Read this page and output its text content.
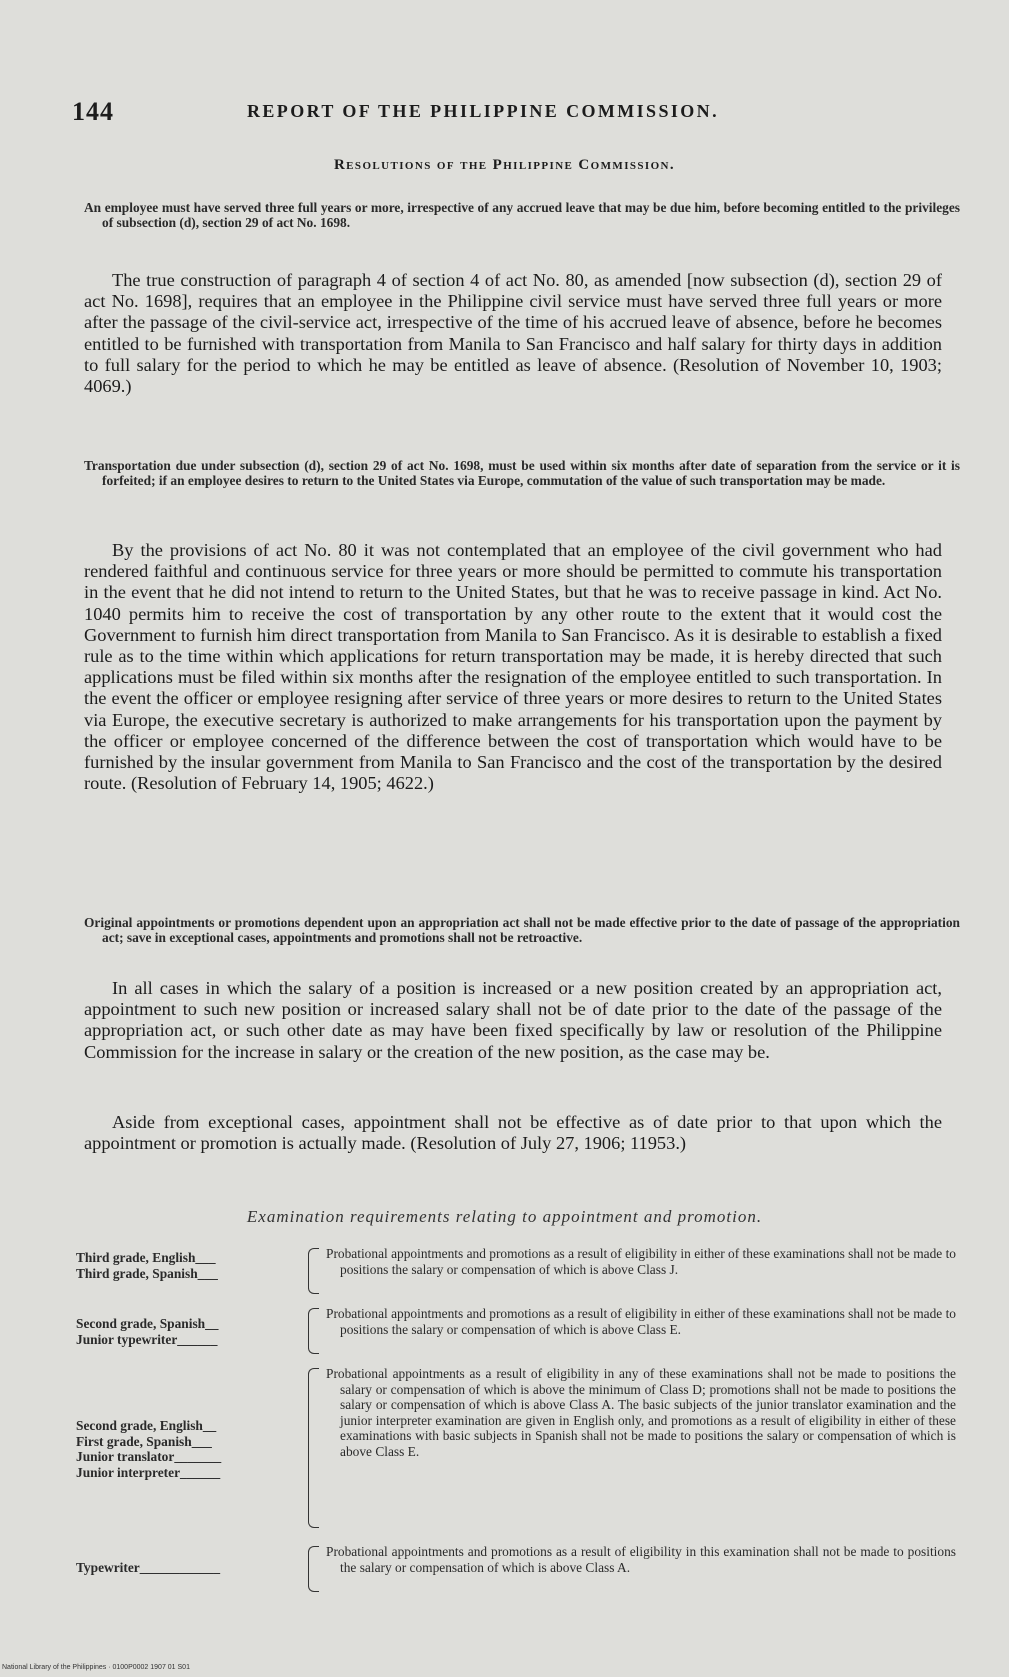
144	REPORT OF THE PHILIPPINE COMMISSION.
Resolutions of the Philippine Commission.
An employee must have served three full years or more, irrespective of any accrued leave that may be due him, before becoming entitled to the privileges of subsection (d), section 29 of act No. 1698.
The true construction of paragraph 4 of section 4 of act No. 80, as amended [now subsection (d), section 29 of act No. 1698], requires that an employee in the Philippine civil service must have served three full years or more after the passage of the civil-service act, irrespective of the time of his accrued leave of absence, before he becomes entitled to be furnished with transportation from Manila to San Francisco and half salary for thirty days in addition to full salary for the period to which he may be entitled as leave of absence. (Resolution of November 10, 1903; 4069.)
Transportation due under subsection (d), section 29 of act No. 1698, must be used within six months after date of separation from the service or it is forfeited; if an employee desires to return to the United States via Europe, commutation of the value of such transportation may be made.
By the provisions of act No. 80 it was not contemplated that an employee of the civil government who had rendered faithful and continuous service for three years or more should be permitted to commute his transportation in the event that he did not intend to return to the United States, but that he was to receive passage in kind. Act No. 1040 permits him to receive the cost of transportation by any other route to the extent that it would cost the Government to furnish him direct transportation from Manila to San Francisco. As it is desirable to establish a fixed rule as to the time within which applications for return transportation may be made, it is hereby directed that such applications must be filed within six months after the resignation of the employee entitled to such transportation. In the event the officer or employee resigning after service of three years or more desires to return to the United States via Europe, the executive secretary is authorized to make arrangements for his transportation upon the payment by the officer or employee concerned of the difference between the cost of transportation which would have to be furnished by the insular government from Manila to San Francisco and the cost of the transportation by the desired route. (Resolution of February 14, 1905; 4622.)
Original appointments or promotions dependent upon an appropriation act shall not be made effective prior to the date of passage of the appropriation act; save in exceptional cases, appointments and promotions shall not be retroactive.
In all cases in which the salary of a position is increased or a new position created by an appropriation act, appointment to such new position or increased salary shall not be of date prior to the date of the passage of the appropriation act, or such other date as may have been fixed specifically by law or resolution of the Philippine Commission for the increase in salary or the creation of the new position, as the case may be.
Aside from exceptional cases, appointment shall not be effective as of date prior to that upon which the appointment or promotion is actually made. (Resolution of July 27, 1906; 11953.)
Examination requirements relating to appointment and promotion.
Third grade, English___
Third grade, Spanish___
Probational appointments and promotions as a result of eligibility in either of these examinations shall not be made to positions the salary or compensation of which is above Class J.
Second grade, Spanish__
Junior typewriter______
Probational appointments and promotions as a result of eligibility in either of these examinations shall not be made to positions the salary or compensation of which is above Class E.
Second grade, English__
First grade, Spanish___
Junior translator_______
Junior interpreter______
Probational appointments as a result of eligibility in any of these examinations shall not be made to positions the salary or compensation of which is above the minimum of Class D; promotions shall not be made to positions the salary or compensation of which is above Class A. The basic subjects of the junior translator examination and the junior interpreter examination are given in English only, and promotions as a result of eligibility in either of these examinations with basic subjects in Spanish shall not be made to positions the salary or compensation of which is above Class E.
Typewriter____________
Probational appointments and promotions as a result of eligibility in this examination shall not be made to positions the salary or compensation of which is above Class A.
National Library of the Philippines · 0100P0002 1907 01 S01
